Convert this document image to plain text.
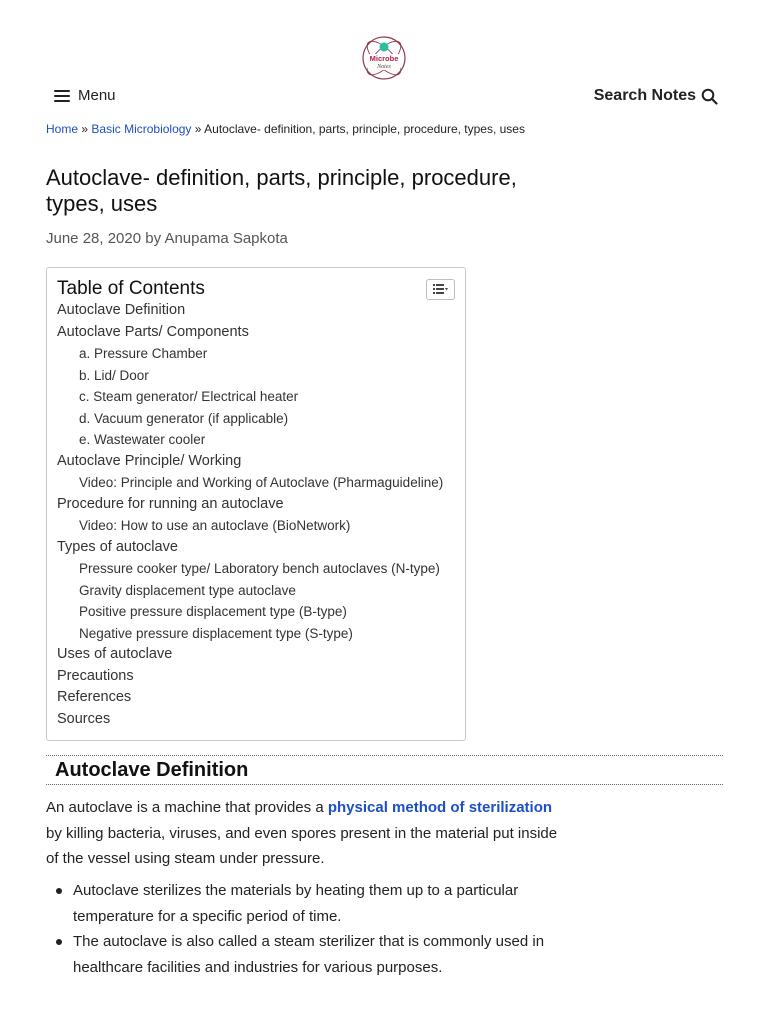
Microbe
Notes
Menu	Search Notes
Home » Basic Microbiology » Autoclave- definition, parts, principle, procedure, types, uses
Autoclave- definition, parts, principle, procedure, types, uses
June 28, 2020 by Anupama Sapkota
Table of Contents
Autoclave Definition
Autoclave Parts/ Components
a. Pressure Chamber
b. Lid/ Door
c. Steam generator/ Electrical heater
d. Vacuum generator (if applicable)
e. Wastewater cooler
Autoclave Principle/ Working
Video: Principle and Working of Autoclave (Pharmaguideline)
Procedure for running an autoclave
Video: How to use an autoclave (BioNetwork)
Types of autoclave
Pressure cooker type/ Laboratory bench autoclaves (N-type)
Gravity displacement type autoclave
Positive pressure displacement type (B-type)
Negative pressure displacement type (S-type)
Uses of autoclave
Precautions
References
Sources
Autoclave Definition

An autoclave is a machine that provides a physical method of sterilization by killing bacteria, viruses, and even spores present in the material put inside of the vessel using steam under pressure.

Autoclave sterilizes the materials by heating them up to a particular temperature for a specific period of time.
The autoclave is also called a steam sterilizer that is commonly used in healthcare facilities and industries for various purposes.
